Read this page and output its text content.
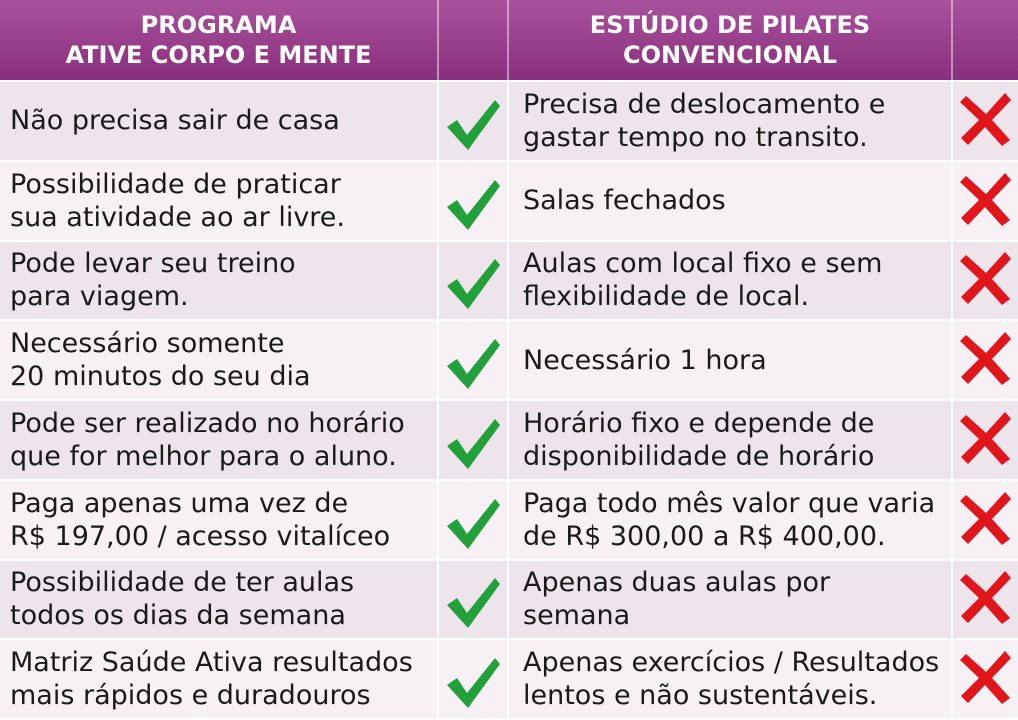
PROGRAMA
ATIVE CORPO E MENTE
ESTÚDIO DE PILATES
CONVENCIONAL
Não precisa sair de casa
Precisa de deslocamento e
gastar tempo no transito.
Possibilidade de praticar
sua atividade ao ar livre.
Salas fechados
Pode levar seu treino
para viagem.
Aulas com local fixo e sem
flexibilidade de local.
Necessário somente
20 minutos do seu dia
Necessário 1 hora
Pode ser realizado no horário
que for melhor para o aluno.
Horário fixo e depende de
disponibilidade de horário
Paga apenas uma vez de
R$ 197,00 / acesso vitalíceo
Paga todo mês valor que varia
de R$ 300,00 a R$ 400,00.
Possibilidade de ter aulas
todos os dias da semana
Apenas duas aulas por
semana
Matriz Saúde Ativa resultados
mais rápidos e duradouros
Apenas exercícios / Resultados
lentos e não sustentáveis.
